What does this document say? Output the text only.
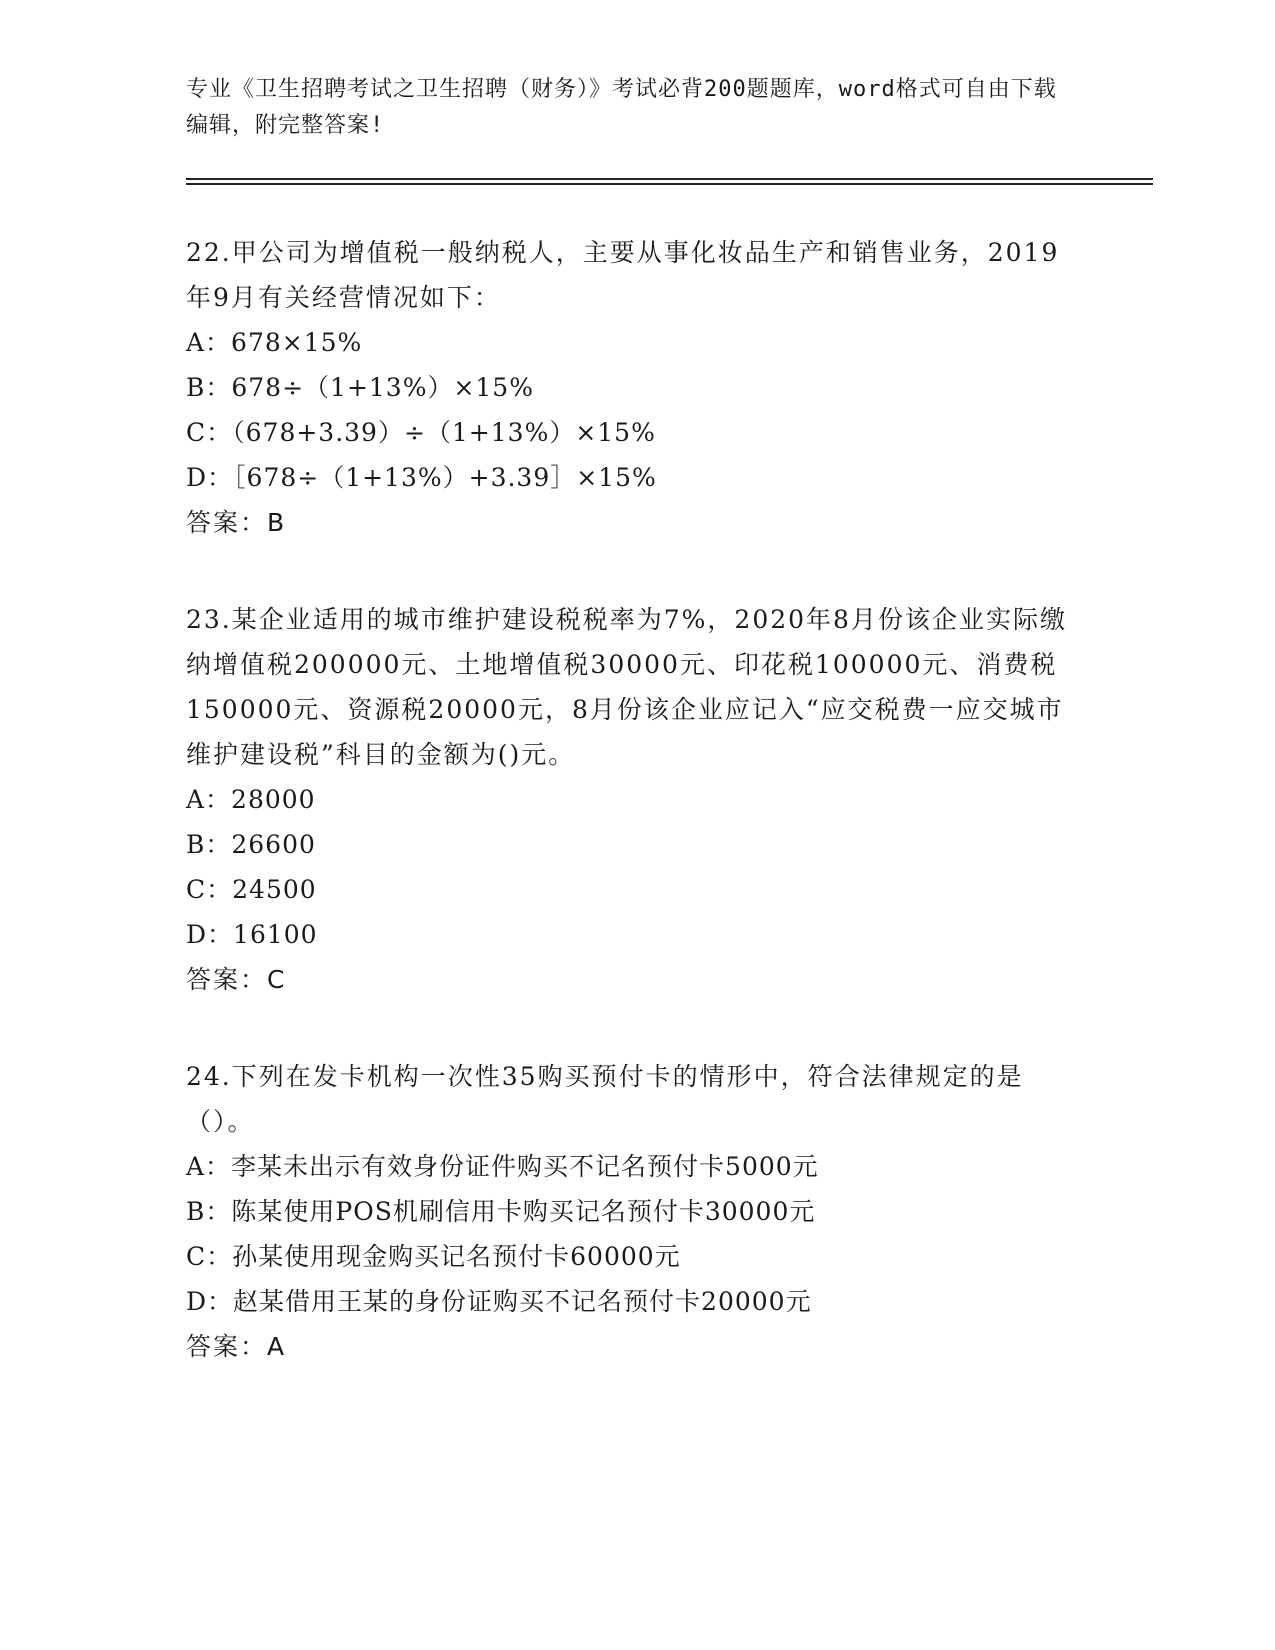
专业《卫生招聘考试之卫生招聘（财务）》考试必背200题题库，word格式可自由下载编辑，附完整答案!

22.甲公司为增值税一般纳税人，主要从事化妆品生产和销售业务，2019年9月有关经营情况如下：

A：678×15%
B：678÷（1+13%）×15%
C：（678+3.39）÷（1+13%）×15%
D：［678÷（1+13%）+3.39］×15%

答案：B

23.某企业适用的城市维护建设税税率为7%，2020年8月份该企业实际缴纳增值税200000元、土地增值税30000元、印花税100000元、消费税150000元、资源税20000元，8月份该企业应记入“应交税费一应交城市维护建设税”科目的金额为()元。

A：28000
B：26600
C：24500
D：16100

答案：C

24.下列在发卡机构一次性35购买预付卡的情形中，符合法律规定的是（）。

A：李某未出示有效身份证件购买不记名预付卡5000元
B：陈某使用POS机刷信用卡购买记名预付卡30000元
C：孙某使用现金购买记名预付卡60000元
D：赵某借用王某的身份证购买不记名预付卡20000元

答案：A
